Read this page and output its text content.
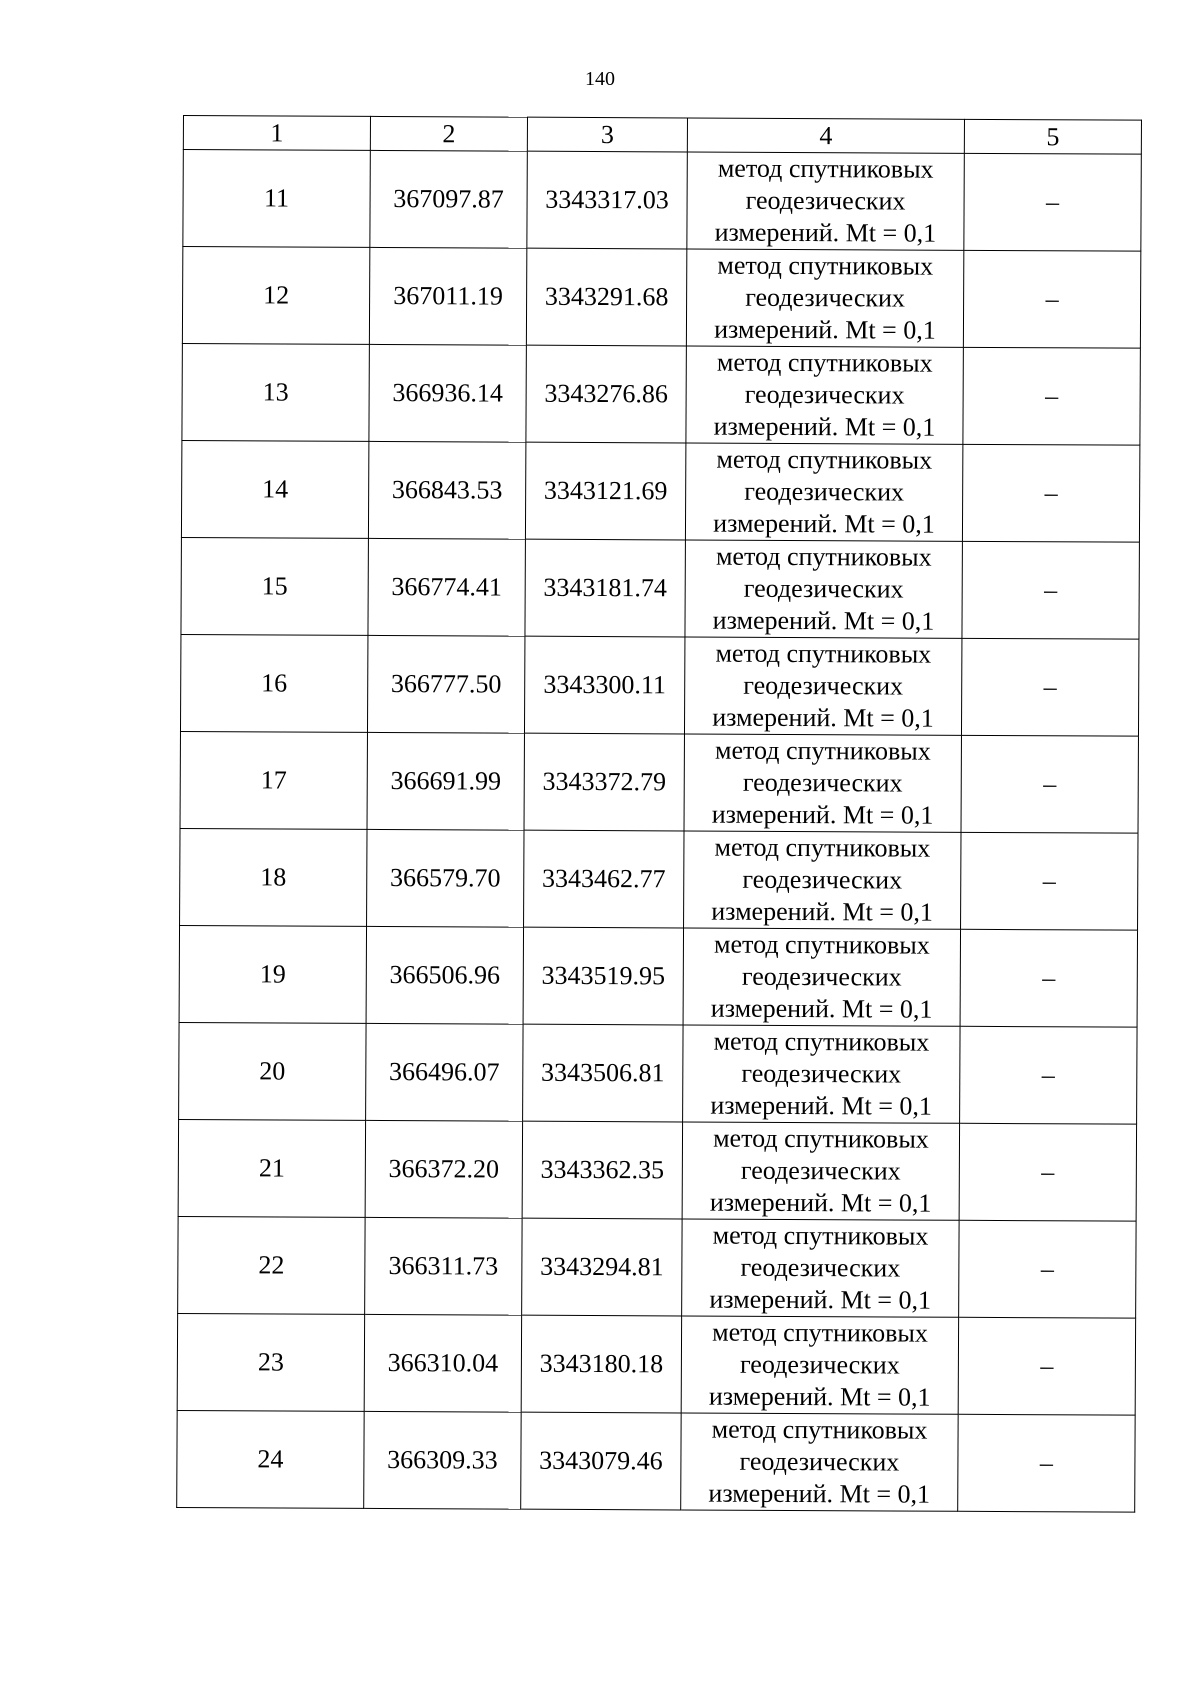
140
1	2	3	4	5
11	367097.87	3343317.03	метод спутниковых
геодезических
измерений. Mt = 0,1	–
12	367011.19	3343291.68	метод спутниковых
геодезических
измерений. Mt = 0,1	–
13	366936.14	3343276.86	метод спутниковых
геодезических
измерений. Mt = 0,1	–
14	366843.53	3343121.69	метод спутниковых
геодезических
измерений. Mt = 0,1	–
15	366774.41	3343181.74	метод спутниковых
геодезических
измерений. Mt = 0,1	–
16	366777.50	3343300.11	метод спутниковых
геодезических
измерений. Mt = 0,1	–
17	366691.99	3343372.79	метод спутниковых
геодезических
измерений. Mt = 0,1	–
18	366579.70	3343462.77	метод спутниковых
геодезических
измерений. Mt = 0,1	–
19	366506.96	3343519.95	метод спутниковых
геодезических
измерений. Mt = 0,1	–
20	366496.07	3343506.81	метод спутниковых
геодезических
измерений. Mt = 0,1	–
21	366372.20	3343362.35	метод спутниковых
геодезических
измерений. Mt = 0,1	–
22	366311.73	3343294.81	метод спутниковых
геодезических
измерений. Mt = 0,1	–
23	366310.04	3343180.18	метод спутниковых
геодезических
измерений. Mt = 0,1	–
24	366309.33	3343079.46	метод спутниковых
геодезических
измерений. Mt = 0,1	–
